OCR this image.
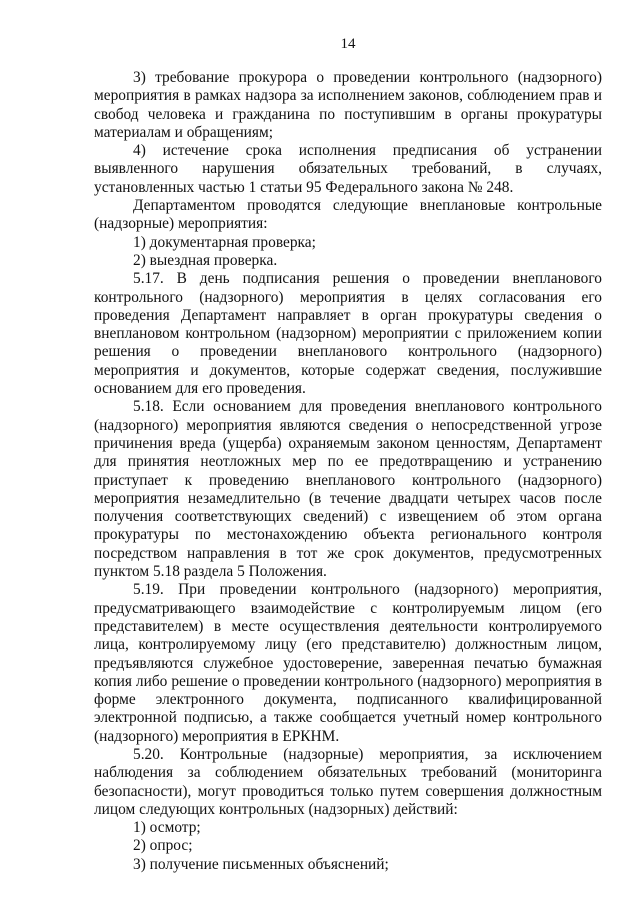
14

3) требование прокурора о проведении контрольного (надзорного) мероприятия в рамках надзора за исполнением законов, соблюдением прав и свобод человека и гражданина по поступившим в органы прокуратуры материалам и обращениям;

4) истечение срока исполнения предписания об устранении выявленного нарушения обязательных требований, в случаях, установленных частью 1 статьи 95 Федерального закона № 248.

Департаментом проводятся следующие внеплановые контрольные (надзорные) мероприятия:

1) документарная проверка;

2) выездная проверка.

5.17. В день подписания решения о проведении внепланового контрольного (надзорного) мероприятия в целях согласования его проведения Департамент направляет в орган прокуратуры сведения о внеплановом контрольном (надзорном) мероприятии с приложением копии решения о проведении внепланового контрольного (надзорного) мероприятия и документов, которые содержат сведения, послужившие основанием для его проведения.

5.18. Если основанием для проведения внепланового контрольного (надзорного) мероприятия являются сведения о непосредственной угрозе причинения вреда (ущерба) охраняемым законом ценностям, Департамент для принятия неотложных мер по ее предотвращению и устранению приступает к проведению внепланового контрольного (надзорного) мероприятия незамедлительно (в течение двадцати четырех часов после получения соответствующих сведений) с извещением об этом органа прокуратуры по местонахождению объекта регионального контроля посредством направления в тот же срок документов, предусмотренных пунктом 5.18 раздела 5 Положения.

5.19. При проведении контрольного (надзорного) мероприятия, предусматривающего взаимодействие с контролируемым лицом (его представителем) в месте осуществления деятельности контролируемого лица, контролируемому лицу (его представителю) должностным лицом, предъявляются служебное удостоверение, заверенная печатью бумажная копия либо решение о проведении контрольного (надзорного) мероприятия в форме электронного документа, подписанного квалифицированной электронной подписью, а также сообщается учетный номер контрольного (надзорного) мероприятия в ЕРКНМ.

5.20. Контрольные (надзорные) мероприятия, за исключением наблюдения за соблюдением обязательных требований (мониторинга безопасности), могут проводиться только путем совершения должностным лицом следующих контрольных (надзорных) действий:

1) осмотр;

2) опрос;

3) получение письменных объяснений;
